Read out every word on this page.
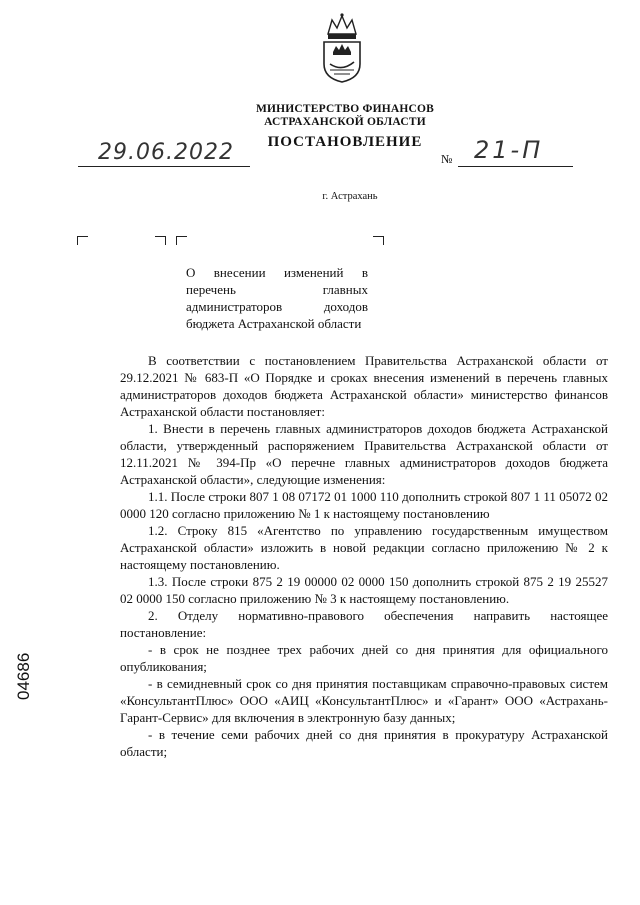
МИНИСТЕРСТВО ФИНАНСОВ
АСТРАХАНСКОЙ ОБЛАСТИ
ПОСТАНОВЛЕНИЕ
29.06.2022	№ 21-П
г. Астрахань
О внесении изменений в перечень главных администраторов доходов бюджета Астраханской области

В соответствии с постановлением Правительства Астраханской области от 29.12.2021 № 683-П «О Порядке и сроках внесения изменений в перечень главных администраторов доходов бюджета Астраханской области» министерство финансов Астраханской области постановляет:

1. Внести в перечень главных администраторов доходов бюджета Астраханской области, утвержденный распоряжением Правительства Астраханской области от 12.11.2021 № 394-Пр «О перечне главных администраторов доходов бюджета Астраханской области», следующие изменения:

1.1. После строки 807 1 08 07172 01 1000 110 дополнить строкой 807 1 11 05072 02 0000 120 согласно приложению № 1 к настоящему постановлению

1.2. Строку 815 «Агентство по управлению государственным имуществом Астраханской области» изложить в новой редакции согласно приложению № 2 к настоящему постановлению.

1.3. После строки 875 2 19 00000 02 0000 150 дополнить строкой 875 2 19 25527 02 0000 150 согласно приложению № 3 к настоящему постановлению.

2. Отделу нормативно-правового обеспечения направить настоящее постановление:

- в срок не позднее трех рабочих дней со дня принятия для официального опубликования;

- в семидневный срок со дня принятия поставщикам справочно-правовых систем «КонсультантПлюс» ООО «АИЦ «КонсультантПлюс» и «Гарант» ООО «Астрахань-Гарант-Сервис» для включения в электронную базу данных;

- в течение семи рабочих дней со дня принятия в прокуратуру Астраханской области;

04686
